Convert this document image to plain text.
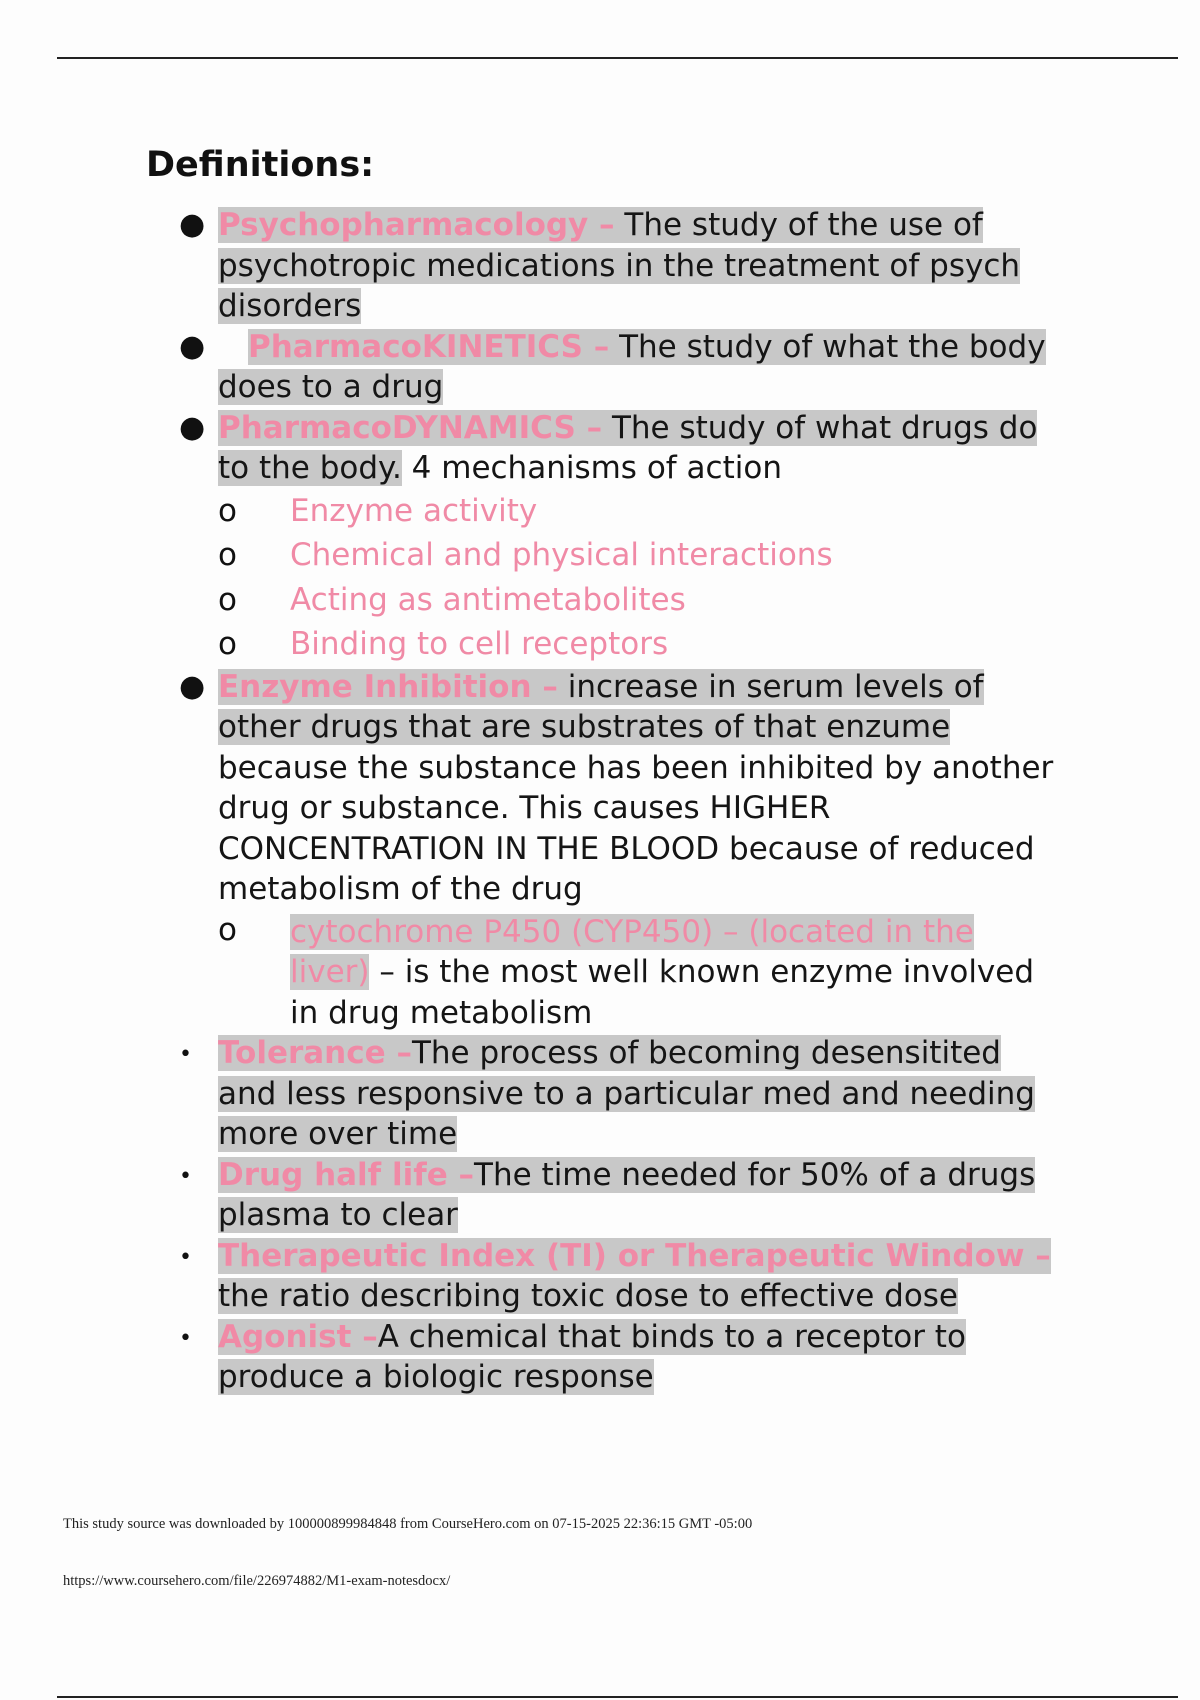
Definitions:
● Psychopharmacology – The study of the use of
psychotropic medications in the treatment of psych
disorders
● PharmacoKINETICS – The study of what the body
does to a drug
● PharmacoDYNAMICS – The study of what drugs do
to the body. 4 mechanisms of action
o Enzyme activity
o Chemical and physical interactions
o Acting as antimetabolites
o Binding to cell receptors
● Enzyme Inhibition – increase in serum levels of
other drugs that are substrates of that enzume
because the substance has been inhibited by another
drug or substance. This causes HIGHER
CONCENTRATION IN THE BLOOD because of reduced
metabolism of the drug
o cytochrome P450 (CYP450) – (located in the
liver) – is the most well known enzyme involved
in drug metabolism
• Tolerance –The process of becoming desensitited
and less responsive to a particular med and needing
more over time
• Drug half life –The time needed for 50% of a drugs
plasma to clear
• Therapeutic Index (TI) or Therapeutic Window –
the ratio describing toxic dose to effective dose
• Agonist –A chemical that binds to a receptor to
produce a biologic response
This study source was downloaded by 100000899984848 from CourseHero.com on 07-15-2025 22:36:15 GMT -05:00
https://www.coursehero.com/file/226974882/M1-exam-notesdocx/
